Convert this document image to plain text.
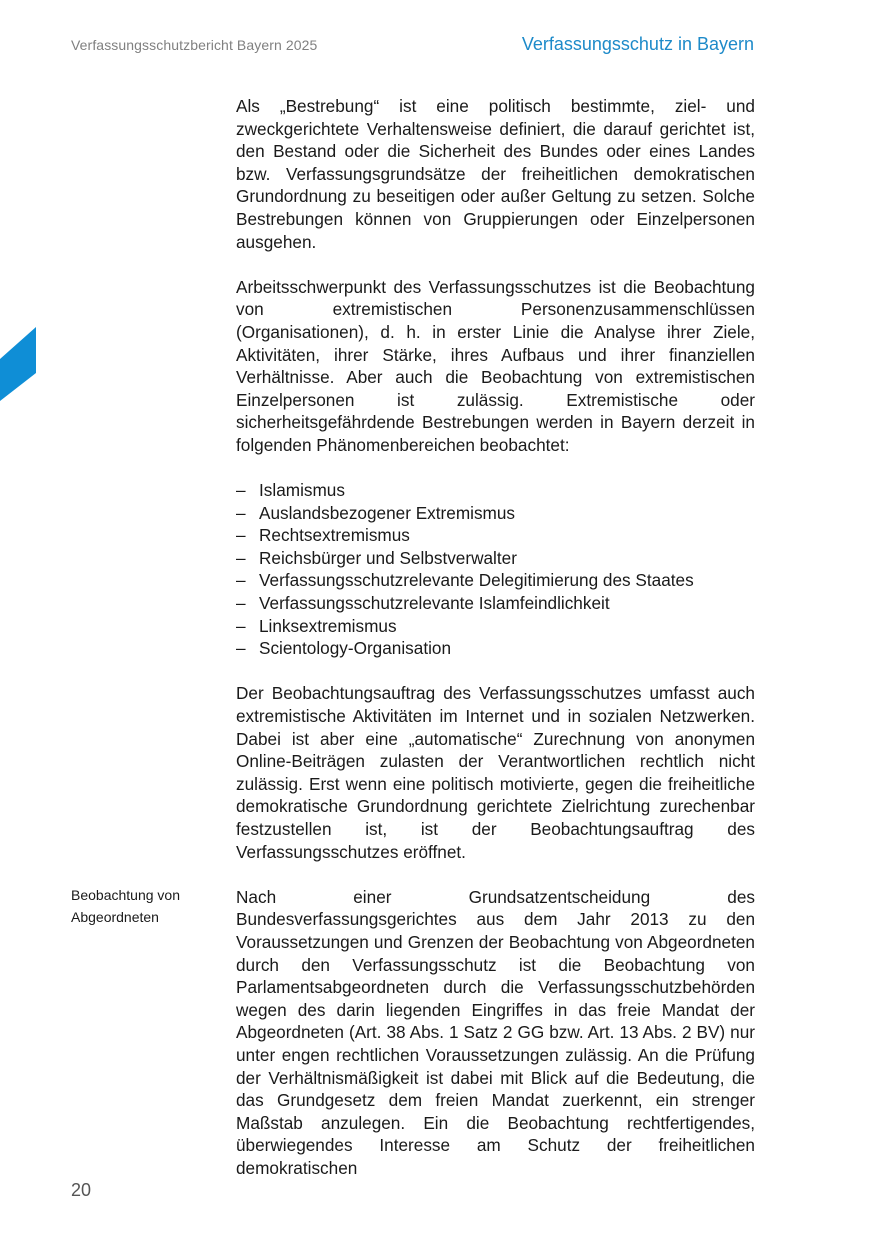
Verfassungsschutzbericht Bayern 2025	Verfassungsschutz in Bayern

Als „Bestrebung“ ist eine politisch bestimmte, ziel- und zweckgerichtete Verhaltensweise definiert, die darauf gerichtet ist, den Bestand oder die Sicherheit des Bundes oder eines Landes bzw. Verfassungsgrundsätze der freiheitlichen demokratischen Grundordnung zu beseitigen oder außer Geltung zu setzen. Solche Bestrebungen können von Gruppierungen oder Einzelpersonen ausgehen.

Arbeitsschwerpunkt des Verfassungsschutzes ist die Beobachtung von extremistischen Personenzusammenschlüssen (Organisationen), d. h. in erster Linie die Analyse ihrer Ziele, Aktivitäten, ihrer Stärke, ihres Aufbaus und ihrer finanziellen Verhältnisse. Aber auch die Beobachtung von extremistischen Einzelpersonen ist zulässig. Extremistische oder sicherheitsgefährdende Bestrebungen werden in Bayern derzeit in folgenden Phänomenbereichen beobachtet:

– Islamismus
– Auslandsbezogener Extremismus
– Rechtsextremismus
– Reichsbürger und Selbstverwalter
– Verfassungsschutzrelevante Delegitimierung des Staates
– Verfassungsschutzrelevante Islamfeindlichkeit
– Linksextremismus
– Scientology-Organisation

Der Beobachtungsauftrag des Verfassungsschutzes umfasst auch extremistische Aktivitäten im Internet und in sozialen Netzwerken. Dabei ist aber eine „automatische“ Zurechnung von anonymen Online-Beiträgen zulasten der Verantwortlichen rechtlich nicht zulässig. Erst wenn eine politisch motivierte, gegen die freiheitliche demokratische Grundordnung gerichtete Zielrichtung zurechenbar festzustellen ist, ist der Beobachtungsauftrag des Verfassungsschutzes eröffnet.

Nach einer Grundsatzentscheidung des Bundesverfassungsgerichtes aus dem Jahr 2013 zu den Voraussetzungen und Grenzen der Beobachtung von Abgeordneten durch den Verfassungsschutz ist die Beobachtung von Parlamentsabgeordneten durch die Verfassungsschutzbehörden wegen des darin liegenden Eingriffes in das freie Mandat der Abgeordneten (Art. 38 Abs. 1 Satz 2 GG bzw. Art. 13 Abs. 2 BV) nur unter engen rechtlichen Voraussetzungen zulässig. An die Prüfung der Verhältnismäßigkeit ist dabei mit Blick auf die Bedeutung, die das Grundgesetz dem freien Mandat zuerkennt, ein strenger Maßstab anzulegen. Ein die Beobachtung rechtfertigendes, überwiegendes Interesse am Schutz der freiheitlichen demokratischen

Beobachtung von
Abgeordneten
20
